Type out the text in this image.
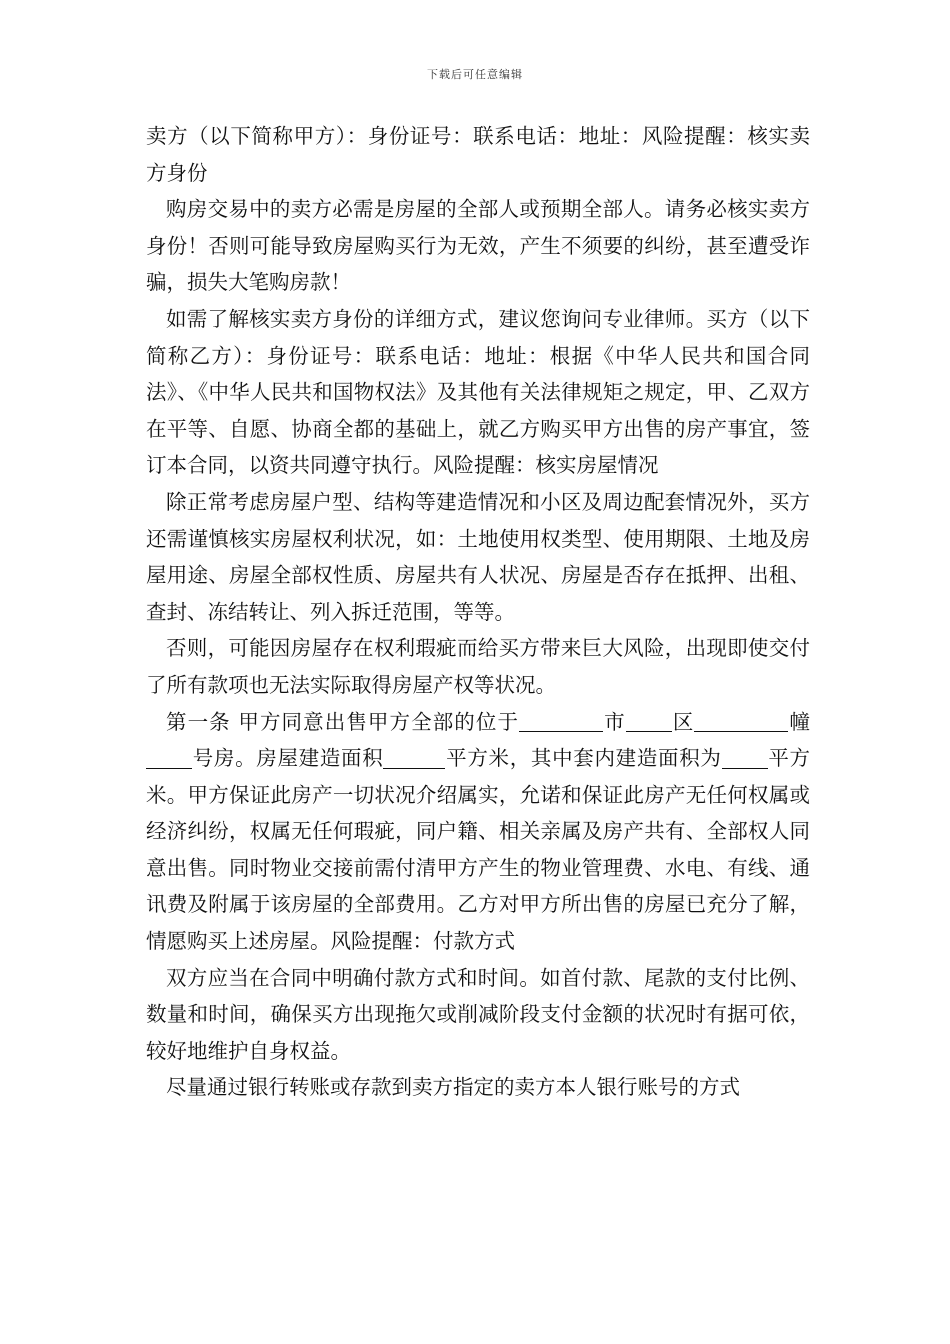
下载后可任意编辑

卖方（以下简称甲方）：身份证号：联系电话：地址：风险提醒：核实卖方身份

购房交易中的卖方必需是房屋的全部人或预期全部人。请务必核实卖方身份！否则可能导致房屋购买行为无效，产生不须要的纠纷，甚至遭受诈骗，损失大笔购房款！

如需了解核实卖方身份的详细方式，建议您询问专业律师。买方（以下简称乙方）：身份证号：联系电话：地址：根据《中华人民共和国合同法》、《中华人民共和国物权法》及其他有关法律规矩之规定，甲、乙双方在平等、自愿、协商全都的基础上，就乙方购买甲方出售的房产事宜，签订本合同，以资共同遵守执行。风险提醒：核实房屋情况

除正常考虑房屋户型、结构等建造情况和小区及周边配套情况外，买方还需谨慎核实房屋权利状况，如：土地使用权类型、使用期限、土地及房屋用途、房屋全部权性质、房屋共有人状况、房屋是否存在抵押、出租、查封、冻结转让、列入拆迁范围，等等。

否则，可能因房屋存在权利瑕疵而给买方带来巨大风险，出现即使交付了所有款项也无法实际取得房屋产权等状况。

第一条 甲方同意出售甲方全部的位于	市 区	幢号房。房屋建造面积	平方米，其中套内建造面积为 平方米。甲方保证此房产一切状况介绍属实，允诺和保证此房产无任何权属或经济纠纷，权属无任何瑕疵，同户籍、相关亲属及房产共有、全部权人同意出售。同时物业交接前需付清甲方产生的物业管理费、水电、有线、通讯费及附属于该房屋的全部费用。乙方对甲方所出售的房屋已充分了解，情愿购买上述房屋。风险提醒：付款方式

双方应当在合同中明确付款方式和时间。如首付款、尾款的支付比例、数量和时间，确保买方出现拖欠或削减阶段支付金额的状况时有据可依，较好地维护自身权益。

尽量通过银行转账或存款到卖方指定的卖方本人银行账号的方式
